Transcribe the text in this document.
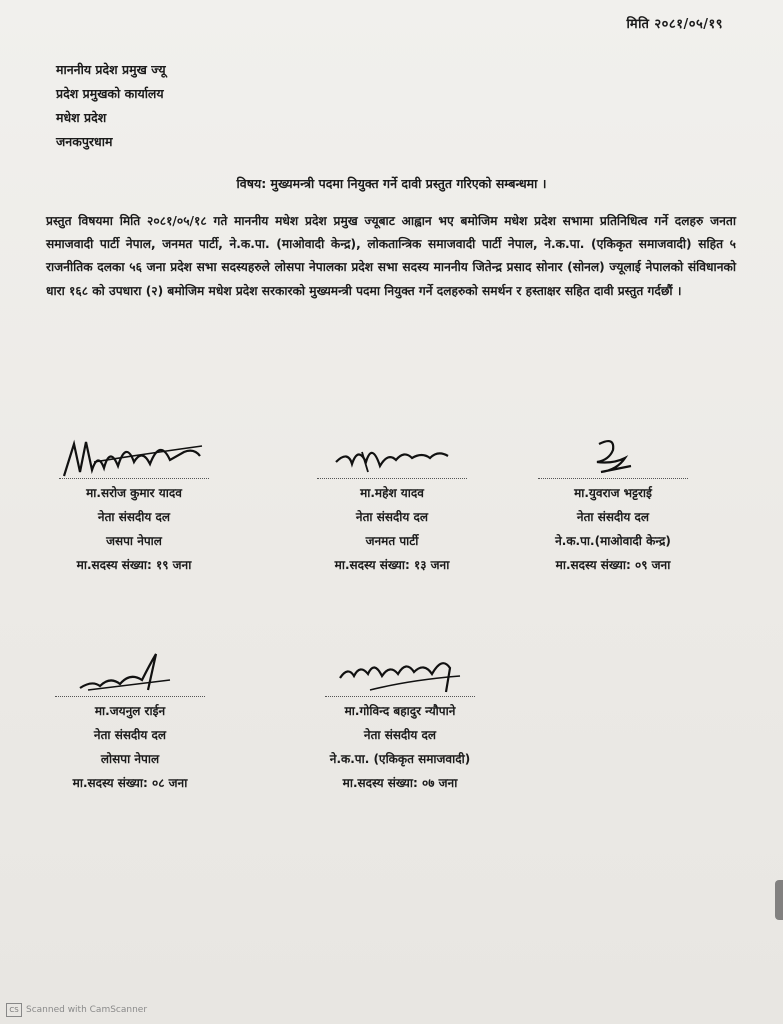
मिति २०८१/०५/१९
माननीय प्रदेश प्रमुख ज्यू
प्रदेश प्रमुखको कार्यालय
मधेश प्रदेश
जनकपुरधाम
विषय: मुख्यमन्त्री पदमा नियुक्त गर्ने दावी प्रस्तुत गरिएको सम्बन्धमा ।
प्रस्तुत विषयमा मिति २०८१/०५/१८ गते माननीय मधेश प्रदेश प्रमुख ज्यूबाट आह्वान भए बमोजिम मधेश प्रदेश सभामा प्रतिनिधित्व गर्ने दलहरु जनता समाजवादी पार्टी नेपाल, जनमत पार्टी, ने.क.पा. (माओवादी केन्द्र), लोकतान्त्रिक समाजवादी पार्टी नेपाल, ने.क.पा. (एकिकृत समाजवादी) सहित ५ राजनीतिक दलका ५६ जना प्रदेश सभा सदस्यहरुले लोसपा नेपालका प्रदेश सभा सदस्य माननीय जितेन्द्र प्रसाद सोनार (सोनल) ज्यूलाई नेपालको संविधानको धारा १६८ को उपधारा (२) बमोजिम मधेश प्रदेश सरकारको मुख्यमन्त्री पदमा नियुक्त गर्ने दलहरुको समर्थन र हस्ताक्षर सहित दावी प्रस्तुत गर्दछौं ।
मा.सरोज कुमार यादव
नेता संसदीय दल
जसपा नेपाल
मा.सदस्य संख्या: १९ जना
मा.महेश यादव
नेता संसदीय दल
जनमत पार्टी
मा.सदस्य संख्या: १३ जना
मा.युवराज भट्टराई
नेता संसदीय दल
ने.क.पा.(माओवादी केन्द्र)
मा.सदस्य संख्या: ०९ जना
मा.जयनुल राईन
नेता संसदीय दल
लोसपा नेपाल
मा.सदस्य संख्या: ०८ जना
मा.गोविन्द बहादुर न्यौपाने
नेता संसदीय दल
ने.क.पा. (एकिकृत समाजवादी)
मा.सदस्य संख्या: ०७ जना
CS Scanned with CamScanner
